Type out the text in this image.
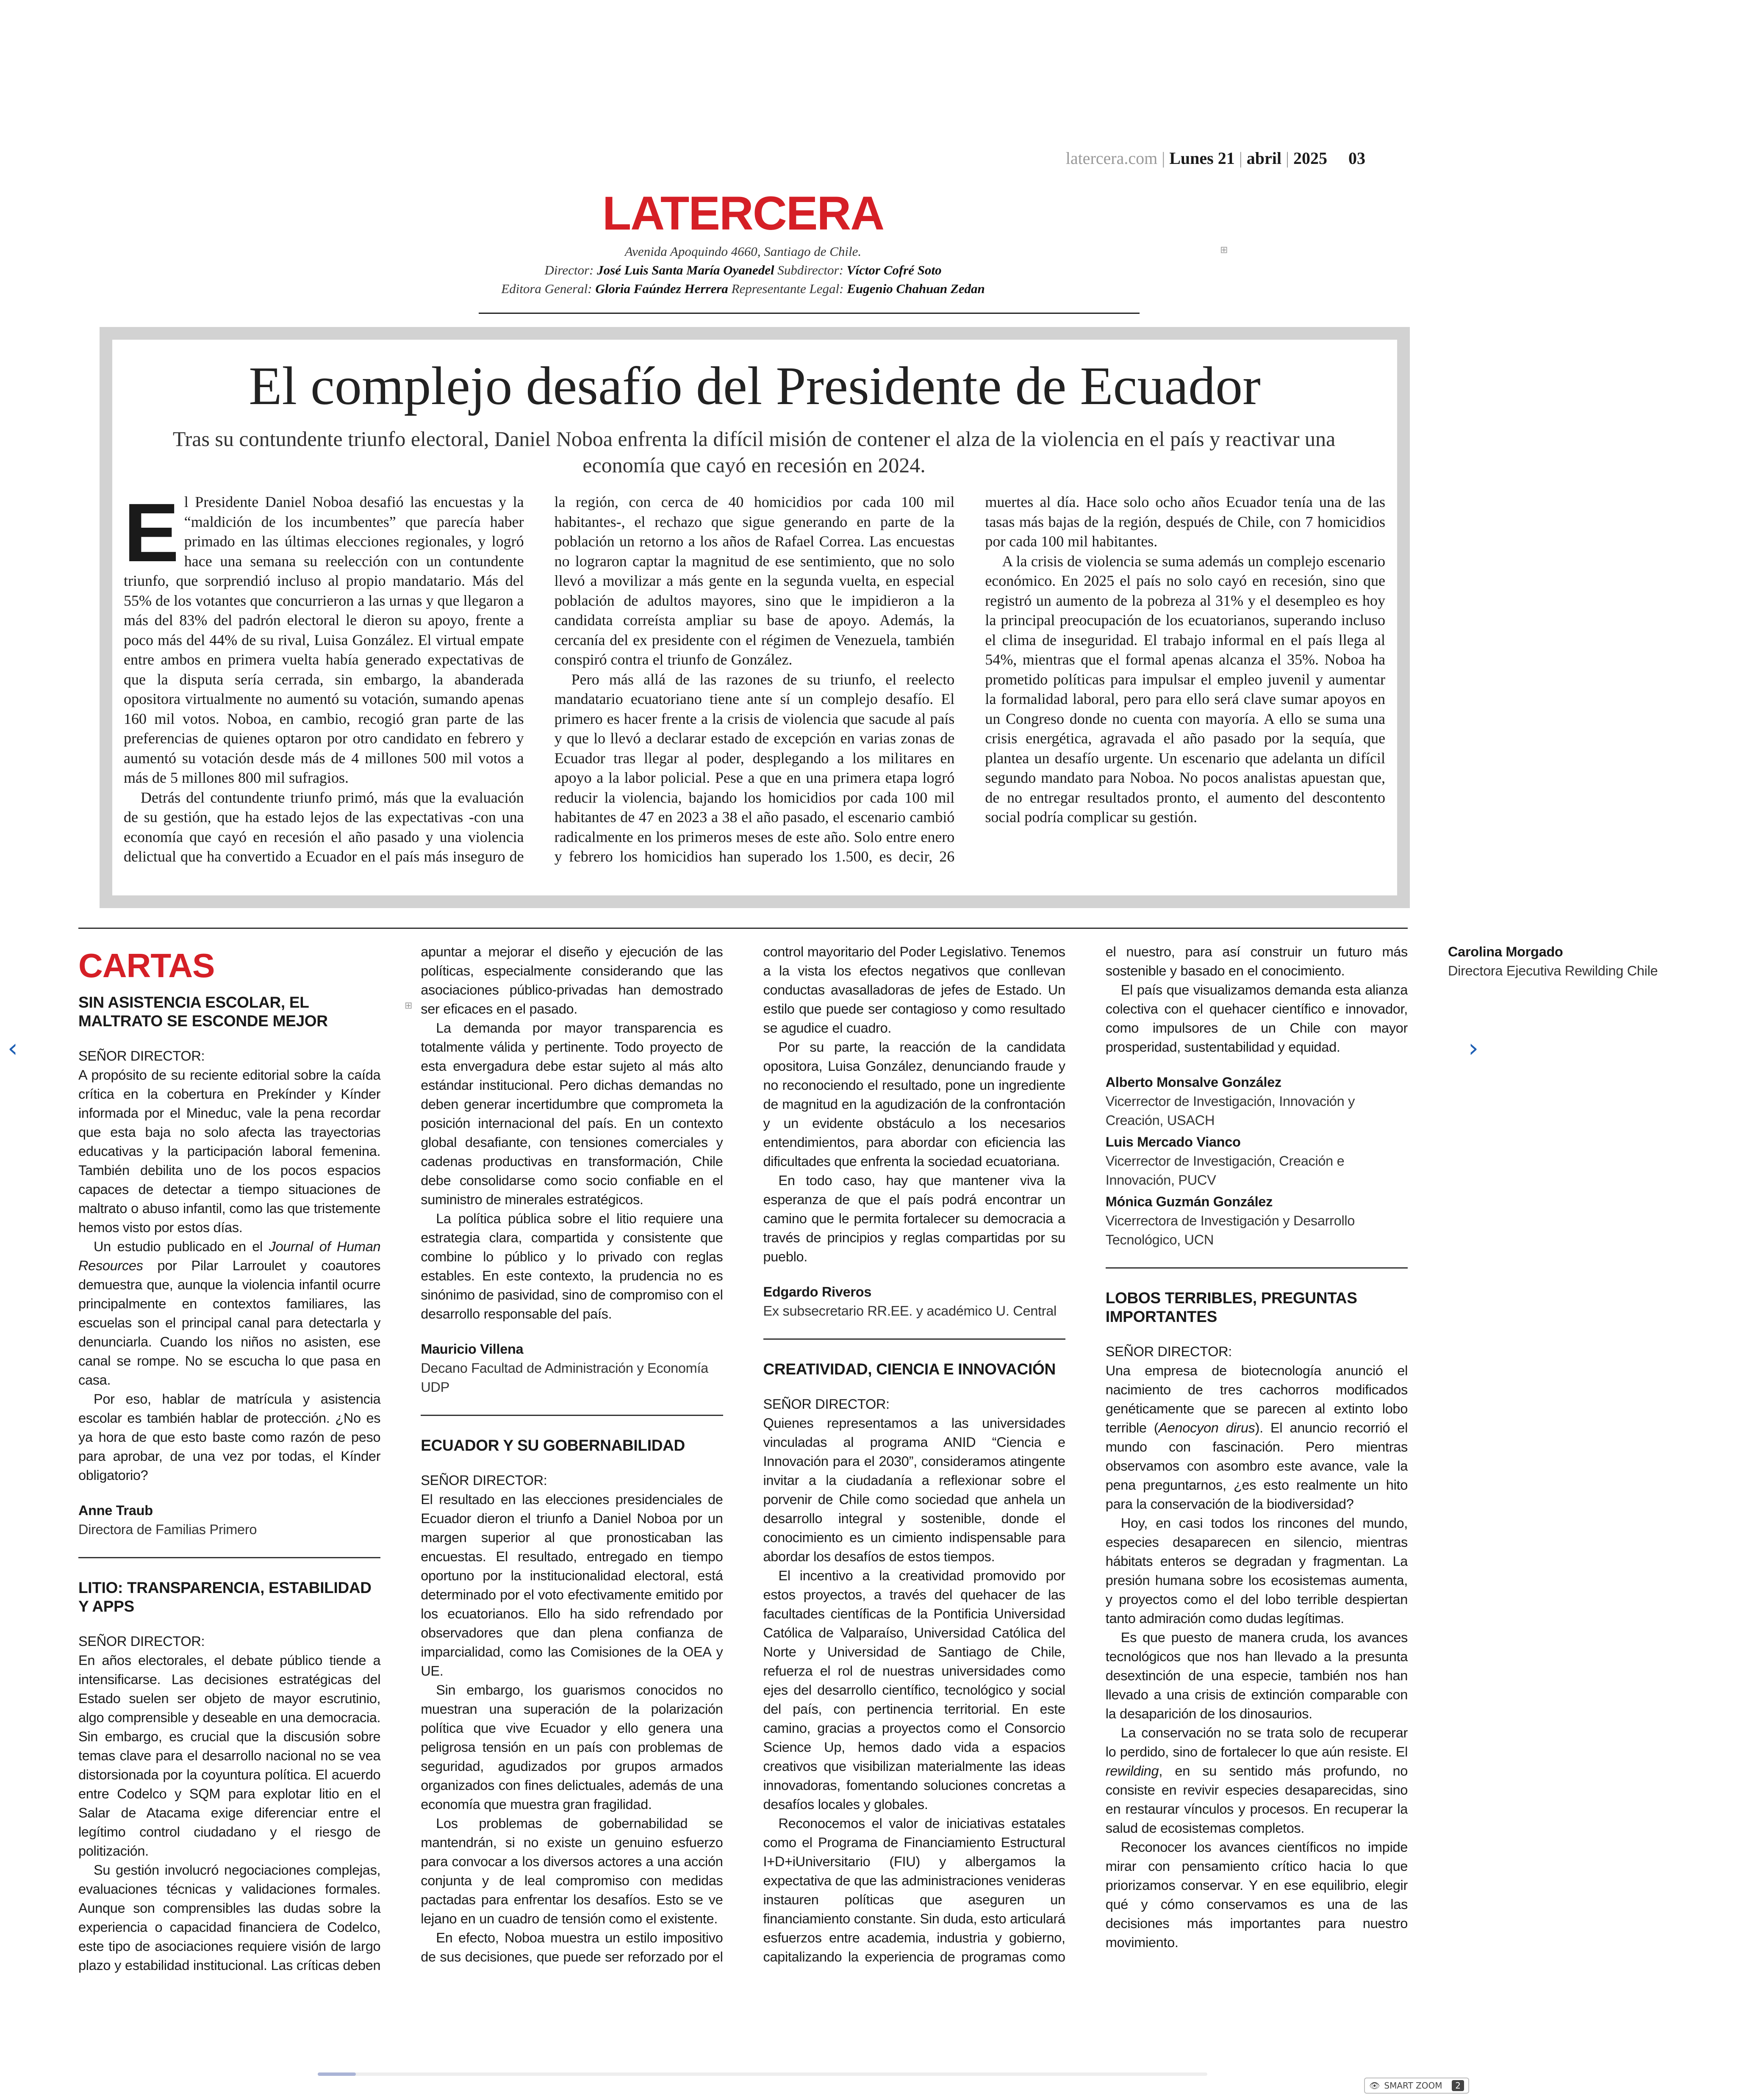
latercera.com | Lunes 21 | abril | 2025 03
LATERCERA
Avenida Apoquindo 4660, Santiago de Chile.
Director: José Luis Santa María Oyanedel Subdirector: Víctor Cofré Soto
Editora General: Gloria Faúndez Herrera Representante Legal: Eugenio Chahuan Zedan
⊞
El complejo desafío del Presidente de Ecuador
Tras su contundente triunfo electoral, Daniel Noboa enfrenta la difícil misión de contener el alza de la violencia en el país y reactivar una economía que cayó en recesión en 2024.

El Presidente Daniel Noboa desafió las encuestas y la “maldición de los incumbentes” que parecía haber primado en las últimas elecciones regionales, y logró hace una semana su reelección con un contundente triunfo, que sorprendió incluso al propio mandatario. Más del 55% de los votantes que concurrieron a las urnas y que llegaron a más del 83% del padrón electoral le dieron su apoyo, frente a poco más del 44% de su rival, Luisa González. El virtual empate entre ambos en primera vuelta había generado expectativas de que la disputa sería cerrada, sin embargo, la abanderada opositora virtualmente no aumentó su votación, sumando apenas 160 mil votos. Noboa, en cambio, recogió gran parte de las preferencias de quienes optaron por otro candidato en febrero y aumentó su votación desde más de 4 millones 500 mil votos a más de 5 millones 800 mil sufragios.

Detrás del contundente triunfo primó, más que la evaluación de su gestión, que ha estado lejos de las expectativas -con una economía que cayó en recesión el año pasado y una violencia delictual que ha convertido a Ecuador en el país más inseguro de la región, con cerca de 40 homicidios por cada 100 mil habitantes-, el rechazo que sigue generando en parte de la población un retorno a los años de Rafael Correa. Las encuestas no lograron captar la magnitud de ese sentimiento, que no solo llevó a movilizar a más gente en la segunda vuelta, en especial población de adultos mayores, sino que le impidieron a la candidata correísta ampliar su base de apoyo. Además, la cercanía del ex presidente con el régimen de Venezuela, también conspiró contra el triunfo de González.

Pero más allá de las razones de su triunfo, el reelecto mandatario ecuatoriano tiene ante sí un complejo desafío. El primero es hacer frente a la crisis de violencia que sacude al país y que lo llevó a declarar estado de excepción en varias zonas de Ecuador tras llegar al poder, desplegando a los militares en apoyo a la labor policial. Pese a que en una primera etapa logró reducir la violencia, bajando los homicidios por cada 100 mil habitantes de 47 en 2023 a 38 el año pasado, el escenario cambió radicalmente en los primeros meses de este año. Solo entre enero y febrero los homicidios han superado los 1.500, es decir, 26 muertes al día. Hace solo ocho años Ecuador tenía una de las tasas más bajas de la región, después de Chile, con 7 homicidios por cada 100 mil habitantes.

A la crisis de violencia se suma además un complejo escenario económico. En 2025 el país no solo cayó en recesión, sino que registró un aumento de la pobreza al 31% y el desempleo es hoy la principal preocupación de los ecuatorianos, superando incluso el clima de inseguridad. El trabajo informal en el país llega al 54%, mientras que el formal apenas alcanza el 35%. Noboa ha prometido políticas para impulsar el empleo juvenil y aumentar la formalidad laboral, pero para ello será clave sumar apoyos en un Congreso donde no cuenta con mayoría. A ello se suma una crisis energética, agravada el año pasado por la sequía, que plantea un desafío urgente. Un escenario que adelanta un difícil segundo mandato para Noboa. No pocos analistas apuestan que, de no entregar resultados pronto, el aumento del descontento social podría complicar su gestión.

⊞
CARTAS
SIN ASISTENCIA ESCOLAR, EL MALTRATO SE ESCONDE MEJOR
SEÑOR DIRECTOR:

A propósito de su reciente editorial sobre la caída crítica en la cobertura en Prekínder y Kínder informada por el Mineduc, vale la pena recordar que esta baja no solo afecta las trayectorias educativas y la participación laboral femenina. También debilita uno de los pocos espacios capaces de detectar a tiempo situaciones de maltrato o abuso infantil, como las que tristemente hemos visto por estos días.

Un estudio publicado en el Journal of Human Resources por Pilar Larroulet y coautores demuestra que, aunque la violencia infantil ocurre principalmente en contextos familiares, las escuelas son el principal canal para detectarla y denunciarla. Cuando los niños no asisten, ese canal se rompe. No se escucha lo que pasa en casa.

Por eso, hablar de matrícula y asistencia escolar es también hablar de protección. ¿No es ya hora de que esto baste como razón de peso para aprobar, de una vez por todas, el Kínder obligatorio?

Anne Traub
Directora de Familias Primero
LITIO: TRANSPARENCIA, ESTABILIDAD Y APPS
SEÑOR DIRECTOR:

En años electorales, el debate público tiende a intensificarse. Las decisiones estratégicas del Estado suelen ser objeto de mayor escrutinio, algo comprensible y deseable en una democracia. Sin embargo, es crucial que la discusión sobre temas clave para el desarrollo nacional no se vea distorsionada por la coyuntura política. El acuerdo entre Codelco y SQM para explotar litio en el Salar de Atacama exige diferenciar entre el legítimo control ciudadano y el riesgo de politización.

Su gestión involucró negociaciones complejas, evaluaciones técnicas y validaciones formales. Aunque son comprensibles las dudas sobre la experiencia o capacidad financiera de Codelco, este tipo de asociaciones requiere visión de largo plazo y estabilidad institucional. Las críticas deben apuntar a mejorar el diseño y ejecución de las políticas, especialmente considerando que las asociaciones público-privadas han demostrado ser eficaces en el pasado.

La demanda por mayor transparencia es totalmente válida y pertinente. Todo proyecto de esta envergadura debe estar sujeto al más alto estándar institucional. Pero dichas demandas no deben generar incertidumbre que comprometa la posición internacional del país. En un contexto global desafiante, con tensiones comerciales y cadenas productivas en transformación, Chile debe consolidarse como socio confiable en el suministro de minerales estratégicos.

La política pública sobre el litio requiere una estrategia clara, compartida y consistente que combine lo público y lo privado con reglas estables. En este contexto, la prudencia no es sinónimo de pasividad, sino de compromiso con el desarrollo responsable del país.

Mauricio Villena
Decano Facultad de Administración y Economía UDP
ECUADOR Y SU GOBERNABILIDAD
SEÑOR DIRECTOR:

El resultado en las elecciones presidenciales de Ecuador dieron el triunfo a Daniel Noboa por un margen superior al que pronosticaban las encuestas. El resultado, entregado en tiempo oportuno por la institucionalidad electoral, está determinado por el voto efectivamente emitido por los ecuatorianos. Ello ha sido refrendado por observadores que dan plena confianza de imparcialidad, como las Comisiones de la OEA y UE.

Sin embargo, los guarismos conocidos no muestran una superación de la polarización política que vive Ecuador y ello genera una peligrosa tensión en un país con problemas de seguridad, agudizados por grupos armados organizados con fines delictuales, además de una economía que muestra gran fragilidad.

Los problemas de gobernabilidad se mantendrán, si no existe un genuino esfuerzo para convocar a los diversos actores a una acción conjunta y de leal compromiso con medidas pactadas para enfrentar los desafíos. Esto se ve lejano en un cuadro de tensión como el existente.

En efecto, Noboa muestra un estilo impositivo de sus decisiones, que puede ser reforzado por el control mayoritario del Poder Legislativo. Tenemos a la vista los efectos negativos que conllevan conductas avasalladoras de jefes de Estado. Un estilo que puede ser contagioso y como resultado se agudice el cuadro.

Por su parte, la reacción de la candidata opositora, Luisa González, denunciando fraude y no reconociendo el resultado, pone un ingrediente de magnitud en la agudización de la confrontación y un evidente obstáculo a los necesarios entendimientos, para abordar con eficiencia las dificultades que enfrenta la sociedad ecuatoriana.

En todo caso, hay que mantener viva la esperanza de que el país podrá encontrar un camino que le permita fortalecer su democracia a través de principios y reglas compartidas por su pueblo.

Edgardo Riveros
Ex subsecretario RR.EE. y académico U. Central
CREATIVIDAD, CIENCIA E INNOVACIÓN
SEÑOR DIRECTOR:

Quienes representamos a las universidades vinculadas al programa ANID “Ciencia e Innovación para el 2030”, consideramos atingente invitar a la ciudadanía a reflexionar sobre el porvenir de Chile como sociedad que anhela un desarrollo integral y sostenible, donde el conocimiento es un cimiento indispensable para abordar los desafíos de estos tiempos.

El incentivo a la creatividad promovido por estos proyectos, a través del quehacer de las facultades científicas de la Pontificia Universidad Católica de Valparaíso, Universidad Católica del Norte y Universidad de Santiago de Chile, refuerza el rol de nuestras universidades como ejes del desarrollo científico, tecnológico y social del país, con pertinencia territorial. En este camino, gracias a proyectos como el Consorcio Science Up, hemos dado vida a espacios creativos que visibilizan materialmente las ideas innovadoras, fomentando soluciones concretas a desafíos locales y globales.

Reconocemos el valor de iniciativas estatales como el Programa de Financiamiento Estructural I+D+iUniversitario (FIU) y albergamos la expectativa de que las administraciones venideras instauren políticas que aseguren un financiamiento constante. Sin duda, esto articulará esfuerzos entre academia, industria y gobierno, capitalizando la experiencia de programas como el nuestro, para así construir un futuro más sostenible y basado en el conocimiento.

El país que visualizamos demanda esta alianza colectiva con el quehacer científico e innovador, como impulsores de un Chile con mayor prosperidad, sustentabilidad y equidad.

Alberto Monsalve González
Vicerrector de Investigación, Innovación y Creación, USACH
Luis Mercado Vianco
Vicerrector de Investigación, Creación e Innovación, PUCV
Mónica Guzmán González
Vicerrectora de Investigación y Desarrollo Tecnológico, UCN
LOBOS TERRIBLES, PREGUNTAS IMPORTANTES
SEÑOR DIRECTOR:

Una empresa de biotecnología anunció el nacimiento de tres cachorros modificados genéticamente que se parecen al extinto lobo terrible (Aenocyon dirus). El anuncio recorrió el mundo con fascinación. Pero mientras observamos con asombro este avance, vale la pena preguntarnos, ¿es esto realmente un hito para la conservación de la biodiversidad?

Hoy, en casi todos los rincones del mundo, especies desaparecen en silencio, mientras hábitats enteros se degradan y fragmentan. La presión humana sobre los ecosistemas aumenta, y proyectos como el del lobo terrible despiertan tanto admiración como dudas legítimas.

Es que puesto de manera cruda, los avances tecnológicos que nos han llevado a la presunta desextinción de una especie, también nos han llevado a una crisis de extinción comparable con la desaparición de los dinosaurios.

La conservación no se trata solo de recuperar lo perdido, sino de fortalecer lo que aún resiste. El rewilding, en su sentido más profundo, no consiste en revivir especies desaparecidas, sino en restaurar vínculos y procesos. En recuperar la salud de ecosistemas completos.

Reconocer los avances científicos no impide mirar con pensamiento crítico hacia lo que priorizamos conservar. Y en ese equilibrio, elegir qué y cómo conservamos es una de las decisiones más importantes para nuestro movimiento.

Carolina Morgado
Directora Ejecutiva Rewilding Chile
‹	›
👁 SMART ZOOM	2
